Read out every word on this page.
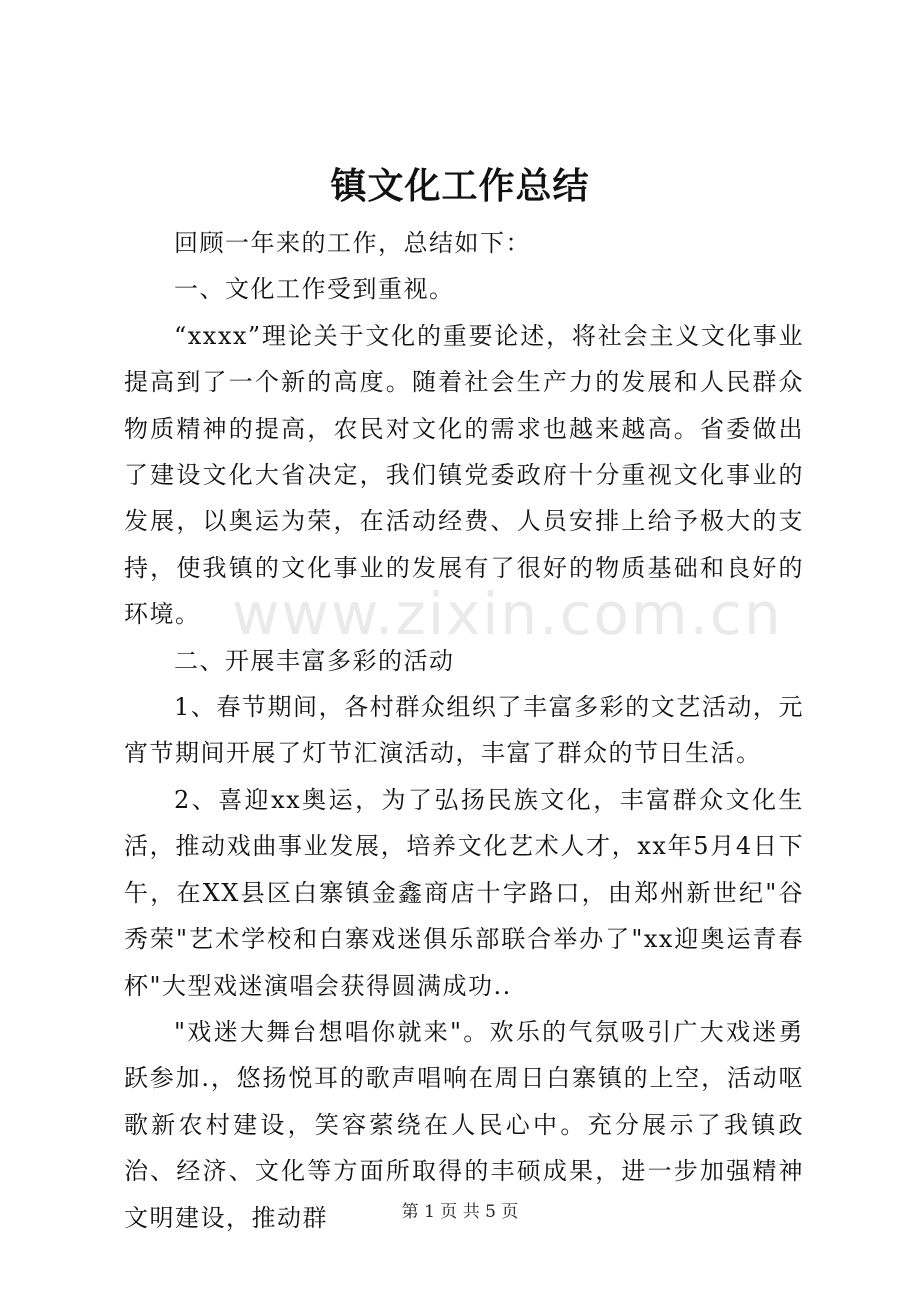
镇文化工作总结

回顾一年来的工作，总结如下：

一、文化工作受到重视。

“xxxx”理论关于文化的重要论述，将社会主义文化事业提高到了一个新的高度。随着社会生产力的发展和人民群众物质精神的提高，农民对文化的需求也越来越高。省委做出了建设文化大省决定，我们镇党委政府十分重视文化事业的发展，以奥运为荣，在活动经费、人员安排上给予极大的支持，使我镇的文化事业的发展有了很好的物质基础和良好的环境。

二、开展丰富多彩的活动

1、春节期间，各村群众组织了丰富多彩的文艺活动，元宵节期间开展了灯节汇演活动，丰富了群众的节日生活。

2、喜迎xx奥运，为了弘扬民族文化，丰富群众文化生活，推动戏曲事业发展，培养文化艺术人才，xx年5月4日下午，在XX县区白寨镇金鑫商店十字路口，由郑州新世纪"谷秀荣"艺术学校和白寨戏迷俱乐部联合举办了"xx迎奥运青春杯"大型戏迷演唱会获得圆满成功..

"戏迷大舞台想唱你就来"。欢乐的气氛吸引广大戏迷勇跃参加.，悠扬悦耳的歌声唱响在周日白寨镇的上空，活动呕歌新农村建设，笑容萦绕在人民心中。充分展示了我镇政治、经济、文化等方面所取得的丰硕成果，进一步加强精神文明建设，推动群

www.zixin.com.cn
第 1 页 共 5 页
